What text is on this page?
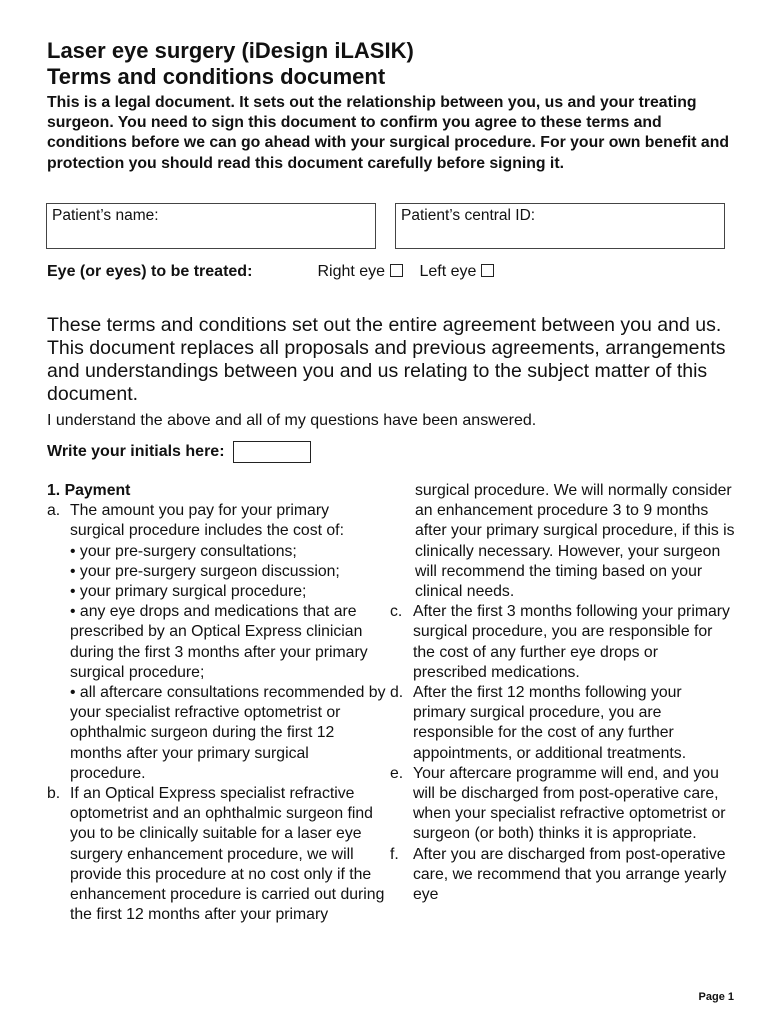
Laser eye surgery (iDesign iLASIK)
Terms and conditions document

This is a legal document. It sets out the relationship between you, us and your treating surgeon. You need to sign this document to confirm you agree to these terms and conditions before we can go ahead with your surgical procedure. For your own benefit and protection you should read this document carefully before signing it.

Patient’s name:	Patient’s central ID:
Eye (or eyes) to be treated:	Right eye Left eye

These terms and conditions set out the entire agreement between you and us. This document replaces all proposals and previous agreements, arrangements and understandings between you and us relating to the subject matter of this document.

I understand the above and all of my questions have been answered.

Write your initials here:

1. Payment

a. The amount you pay for your primary surgical procedure includes the cost of:

• your pre-surgery consultations;

• your pre-surgery surgeon discussion;

• your primary surgical procedure;

• any eye drops and medications that are prescribed by an Optical Express clinician during the first 3 months after your primary surgical procedure;

• all aftercare consultations recommended by your specialist refractive optometrist or ophthalmic surgeon during the first 12 months after your primary surgical procedure.

b. If an Optical Express specialist refractive optometrist and an ophthalmic surgeon find you to be clinically suitable for a laser eye surgery enhancement procedure, we will provide this procedure at no cost only if the enhancement procedure is carried out during the first 12 months after your primary

surgical procedure. We will normally consider an enhancement procedure 3 to 9 months after your primary surgical procedure, if this is clinically necessary. However, your surgeon will recommend the timing based on your clinical needs.

c. After the first 3 months following your primary surgical procedure, you are responsible for the cost of any further eye drops or prescribed medications.
d. After the first 12 months following your primary surgical procedure, you are responsible for the cost of any further appointments, or additional treatments.
e. Your aftercare programme will end, and you will be discharged from post-operative care, when your specialist refractive optometrist or surgeon (or both) thinks it is appropriate.
f. After you are discharged from post-operative care, we recommend that you arrange yearly eye
Page 1
